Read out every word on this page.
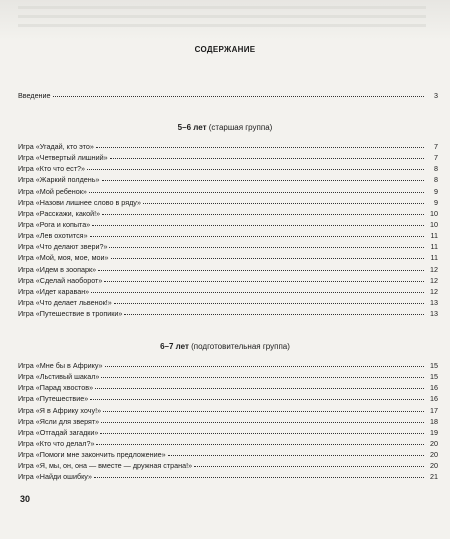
СОДЕРЖАНИЕ
Введение	3
5–6 лет (старшая группа)
Игра «Угадай, кто это»	7
Игра «Четвертый лишний»	7
Игра «Кто что ест?»	8
Игра «Жаркий полдень»	8
Игра «Мой ребенок»	9
Игра «Назови лишнее слово в ряду»	9
Игра «Расскажи, какой!»	10
Игра «Рога и копыта»	10
Игра «Лев охотится»	11
Игра «Что делают звери?»	11
Игра «Мой, моя, мое, мои»	11
Игра «Идем в зоопарк»	12
Игра «Сделай наоборот»	12
Игра «Идет караван»	12
Игра «Что делает львенок!»	13
Игра «Путешествие в тропики»	13
6–7 лет (подготовительная группа)
Игра «Мне бы в Африку»	15
Игра «Льстивый шакал»	15
Игра «Парад хвостов»	16
Игра «Путешествие»	16
Игра «Я в Африку хочу!»	17
Игра «Ясли для зверят»	18
Игра «Отгадай загадки»	19
Игра «Кто что делал?»	20
Игра «Помоги мне закончить предложение»	20
Игра «Я, мы, он, она — вместе — дружная страна!»	20
Игра «Найди ошибку»	21
30
